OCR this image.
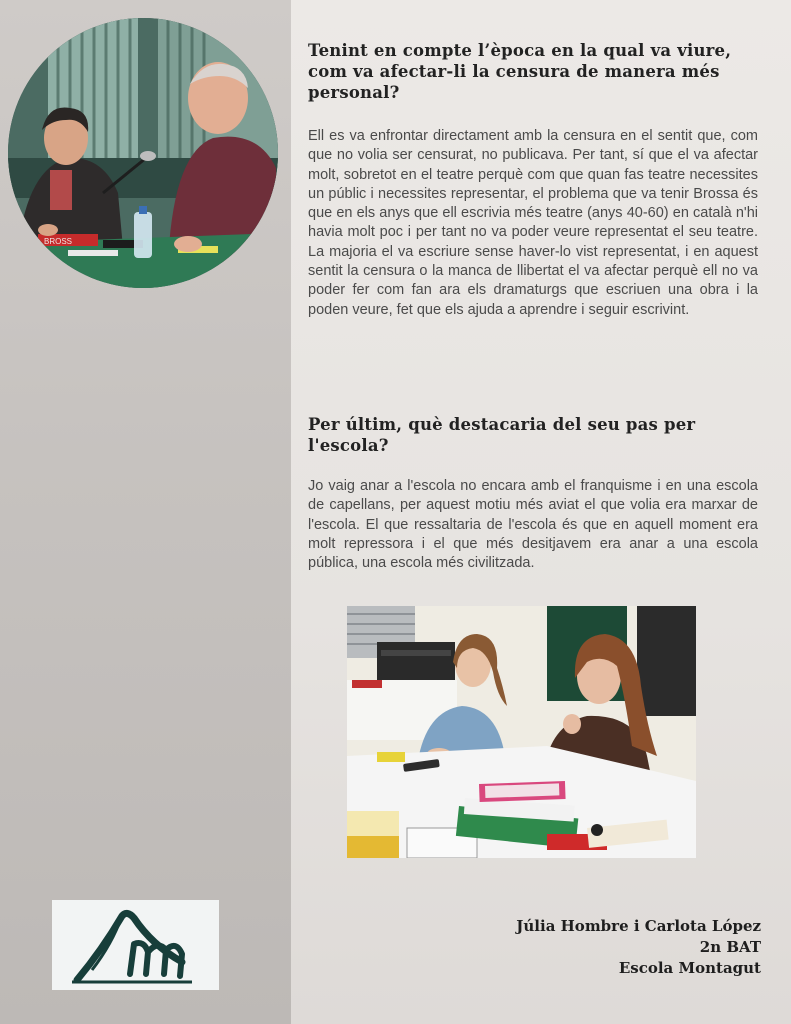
BROSS
Tenint en compte l’època en la qual va viure, com va afectar-li la censura de manera més personal?

Ell es va enfrontar directament amb la censura en el sentit que, com que no volia ser censurat, no publicava. Per tant, sí que el va afectar molt, sobretot en el teatre perquè com que quan fas teatre necessites un públic i necessites representar, el problema que va tenir Brossa és que en els anys que ell escrivia més teatre (anys 40-60) en català n'hi havia molt poc i per tant no va poder veure representat el seu teatre. La majoria el va escriure sense haver-lo vist representat, i en aquest sentit la censura o la manca de llibertat el va afectar perquè ell no va poder fer com fan ara els dramaturgs que escriuen una obra i la poden veure, fet que els ajuda a aprendre i seguir escrivint.

Per últim, què destacaria del seu pas per l'escola?

Jo vaig anar a l'escola no encara amb el franquisme i en una escola de capellans, per aquest motiu més aviat el que volia era marxar de l'escola. El que ressaltaria de l'escola és que en aquell moment era molt repressora i el que més desitjavem era anar a una escola pública, una escola més civilitzada.

Júlia Hombre i Carlota López
2n BAT
Escola Montagut
